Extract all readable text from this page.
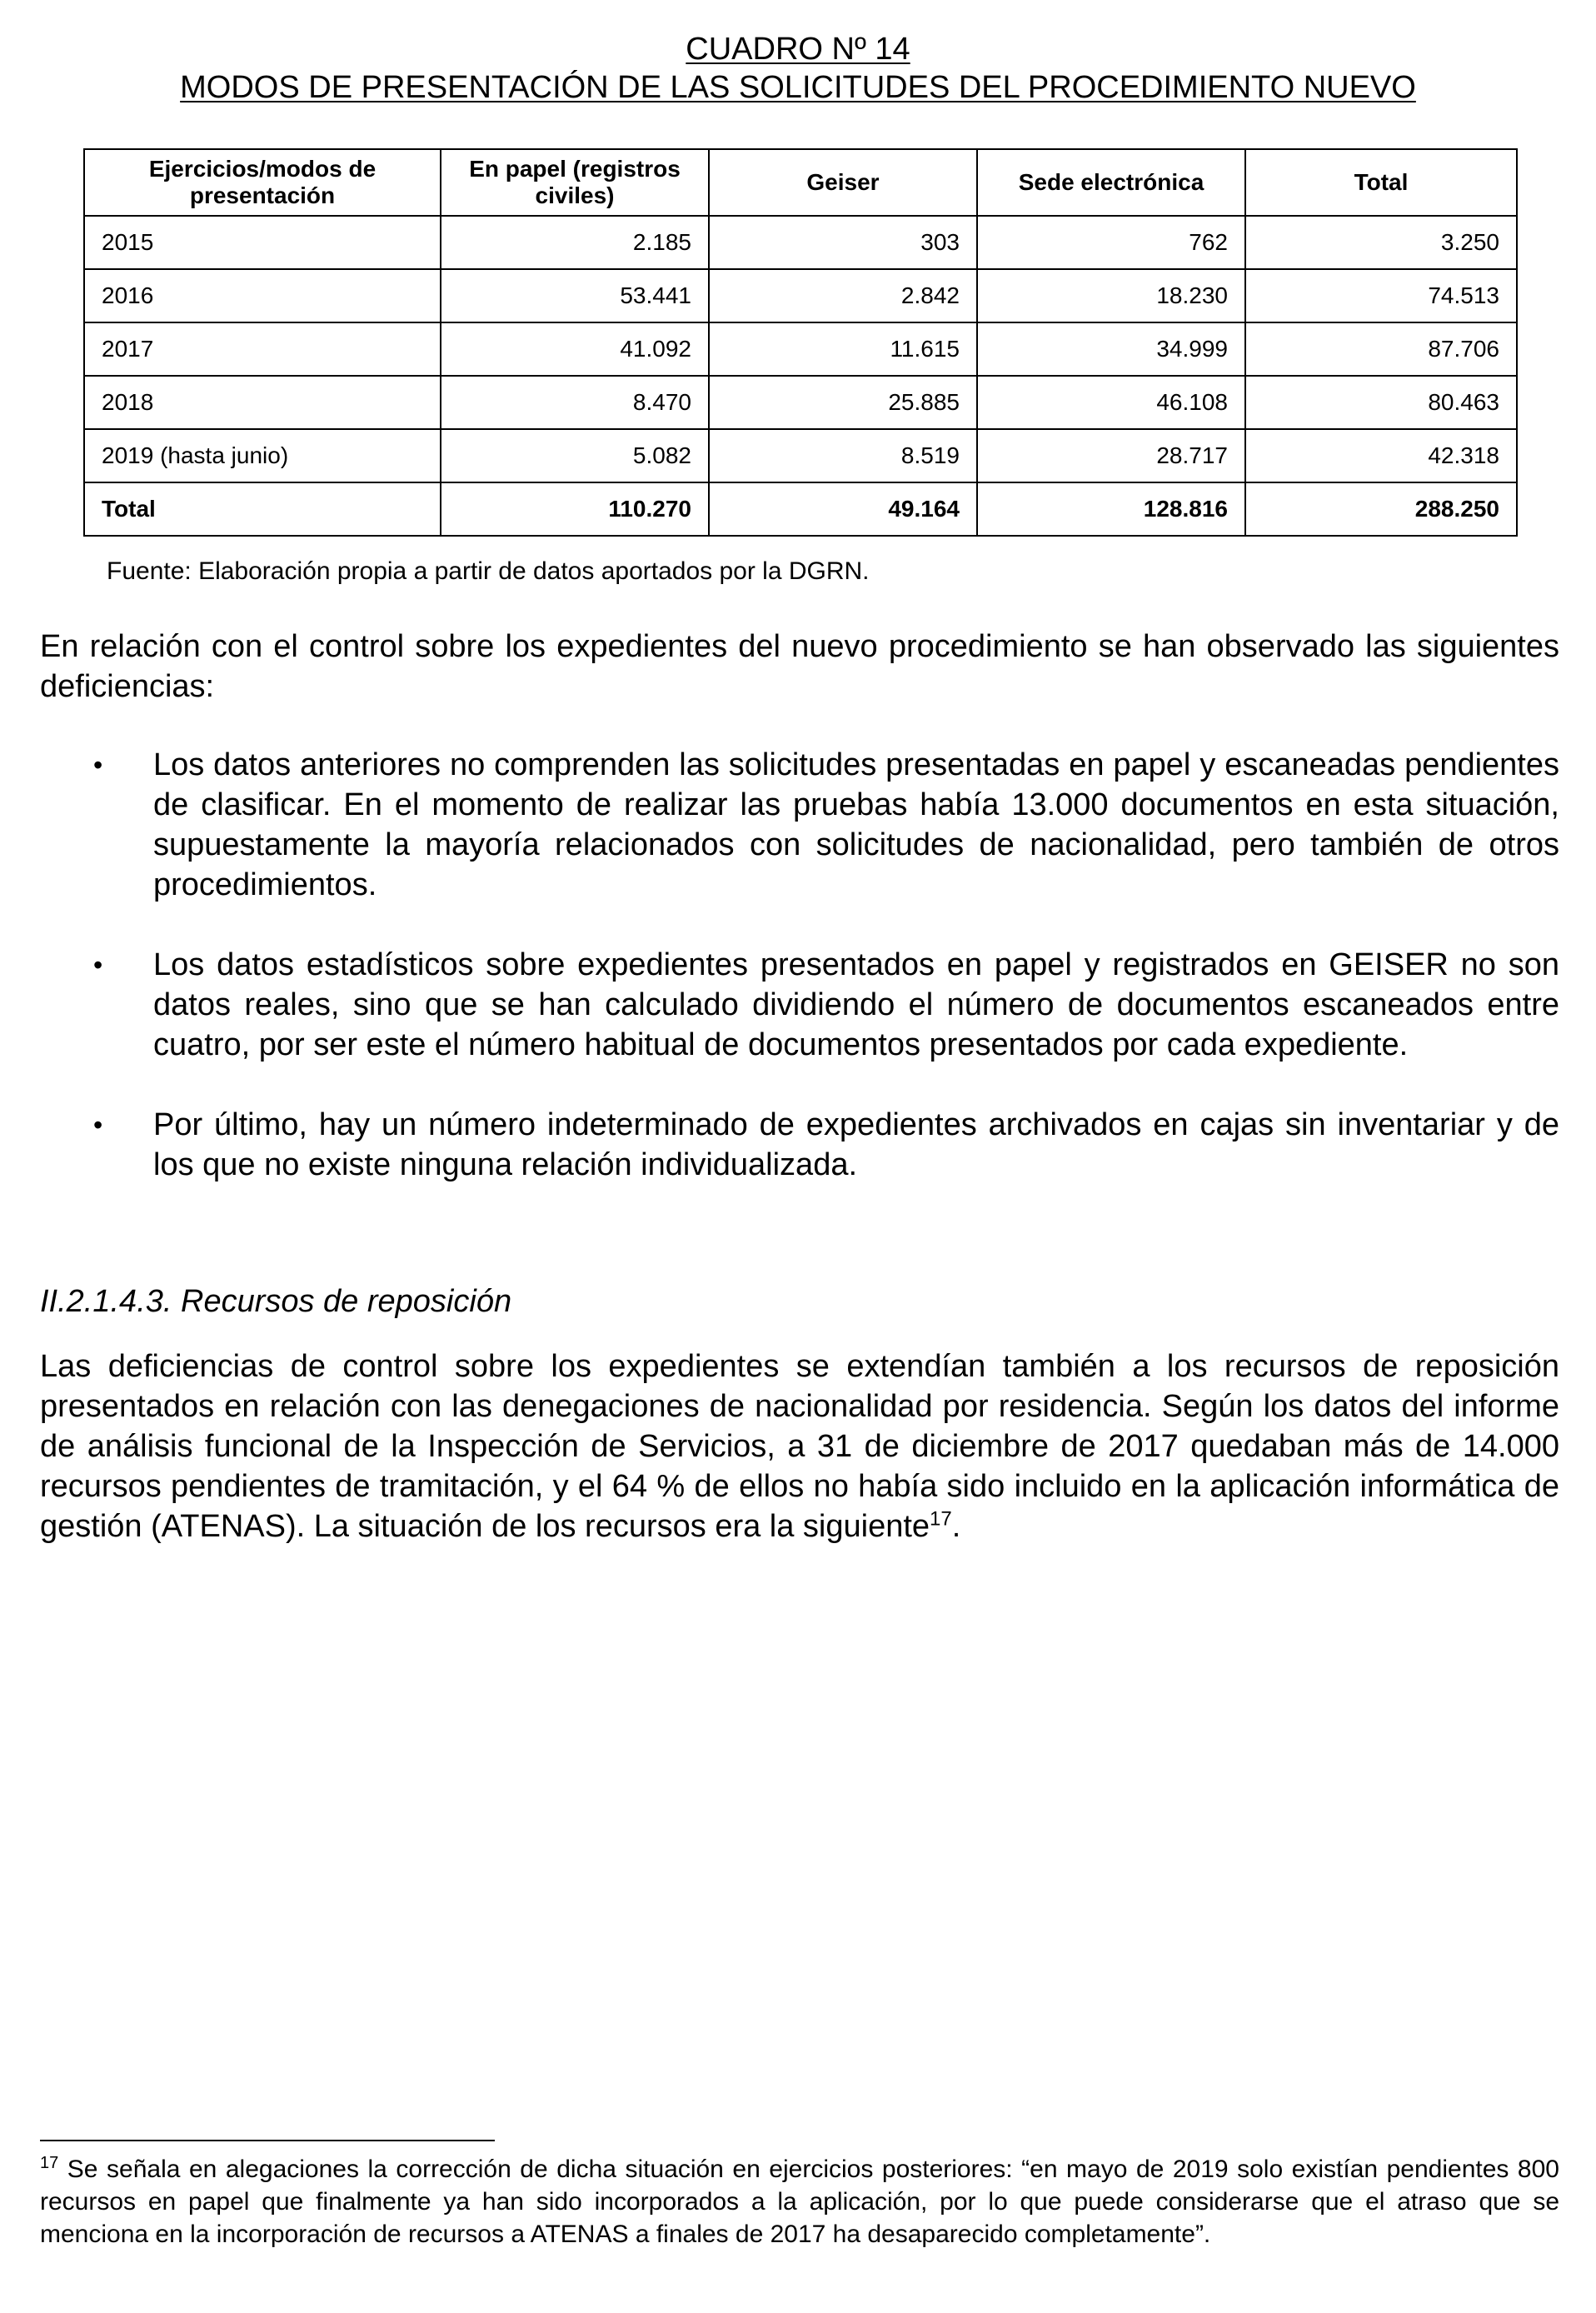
CUADRO Nº 14
MODOS DE PRESENTACIÓN DE LAS SOLICITUDES DEL PROCEDIMIENTO NUEVO
Ejercicios/modos de presentación	En papel (registros civiles)	Geiser	Sede electrónica	Total
2015	2.185	303	762	3.250
2016	53.441	2.842	18.230	74.513
2017	41.092	11.615	34.999	87.706
2018	8.470	25.885	46.108	80.463
2019 (hasta junio)	5.082	8.519	28.717	42.318
Total	110.270	49.164	128.816	288.250
Fuente: Elaboración propia a partir de datos aportados por la DGRN.
En relación con el control sobre los expedientes del nuevo procedimiento se han observado las siguientes deficiencias:
• Los datos anteriores no comprenden las solicitudes presentadas en papel y escaneadas pendientes de clasificar. En el momento de realizar las pruebas había 13.000 documentos en esta situación, supuestamente la mayoría relacionados con solicitudes de nacionalidad, pero también de otros procedimientos.
• Los datos estadísticos sobre expedientes presentados en papel y registrados en GEISER no son datos reales, sino que se han calculado dividiendo el número de documentos escaneados entre cuatro, por ser este el número habitual de documentos presentados por cada expediente.
• Por último, hay un número indeterminado de expedientes archivados en cajas sin inventariar y de los que no existe ninguna relación individualizada.
II.2.1.4.3. Recursos de reposición
Las deficiencias de control sobre los expedientes se extendían también a los recursos de reposición presentados en relación con las denegaciones de nacionalidad por residencia. Según los datos del informe de análisis funcional de la Inspección de Servicios, a 31 de diciembre de 2017 quedaban más de 14.000 recursos pendientes de tramitación, y el 64 % de ellos no había sido incluido en la aplicación informática de gestión (ATENAS). La situación de los recursos era la siguiente$^{17}$.
$^{17}$ Se señala en alegaciones la corrección de dicha situación en ejercicios posteriores: “en mayo de 2019 solo existían pendientes 800 recursos en papel que finalmente ya han sido incorporados a la aplicación, por lo que puede considerarse que el atraso que se menciona en la incorporación de recursos a ATENAS a finales de 2017 ha desaparecido completamente”.
